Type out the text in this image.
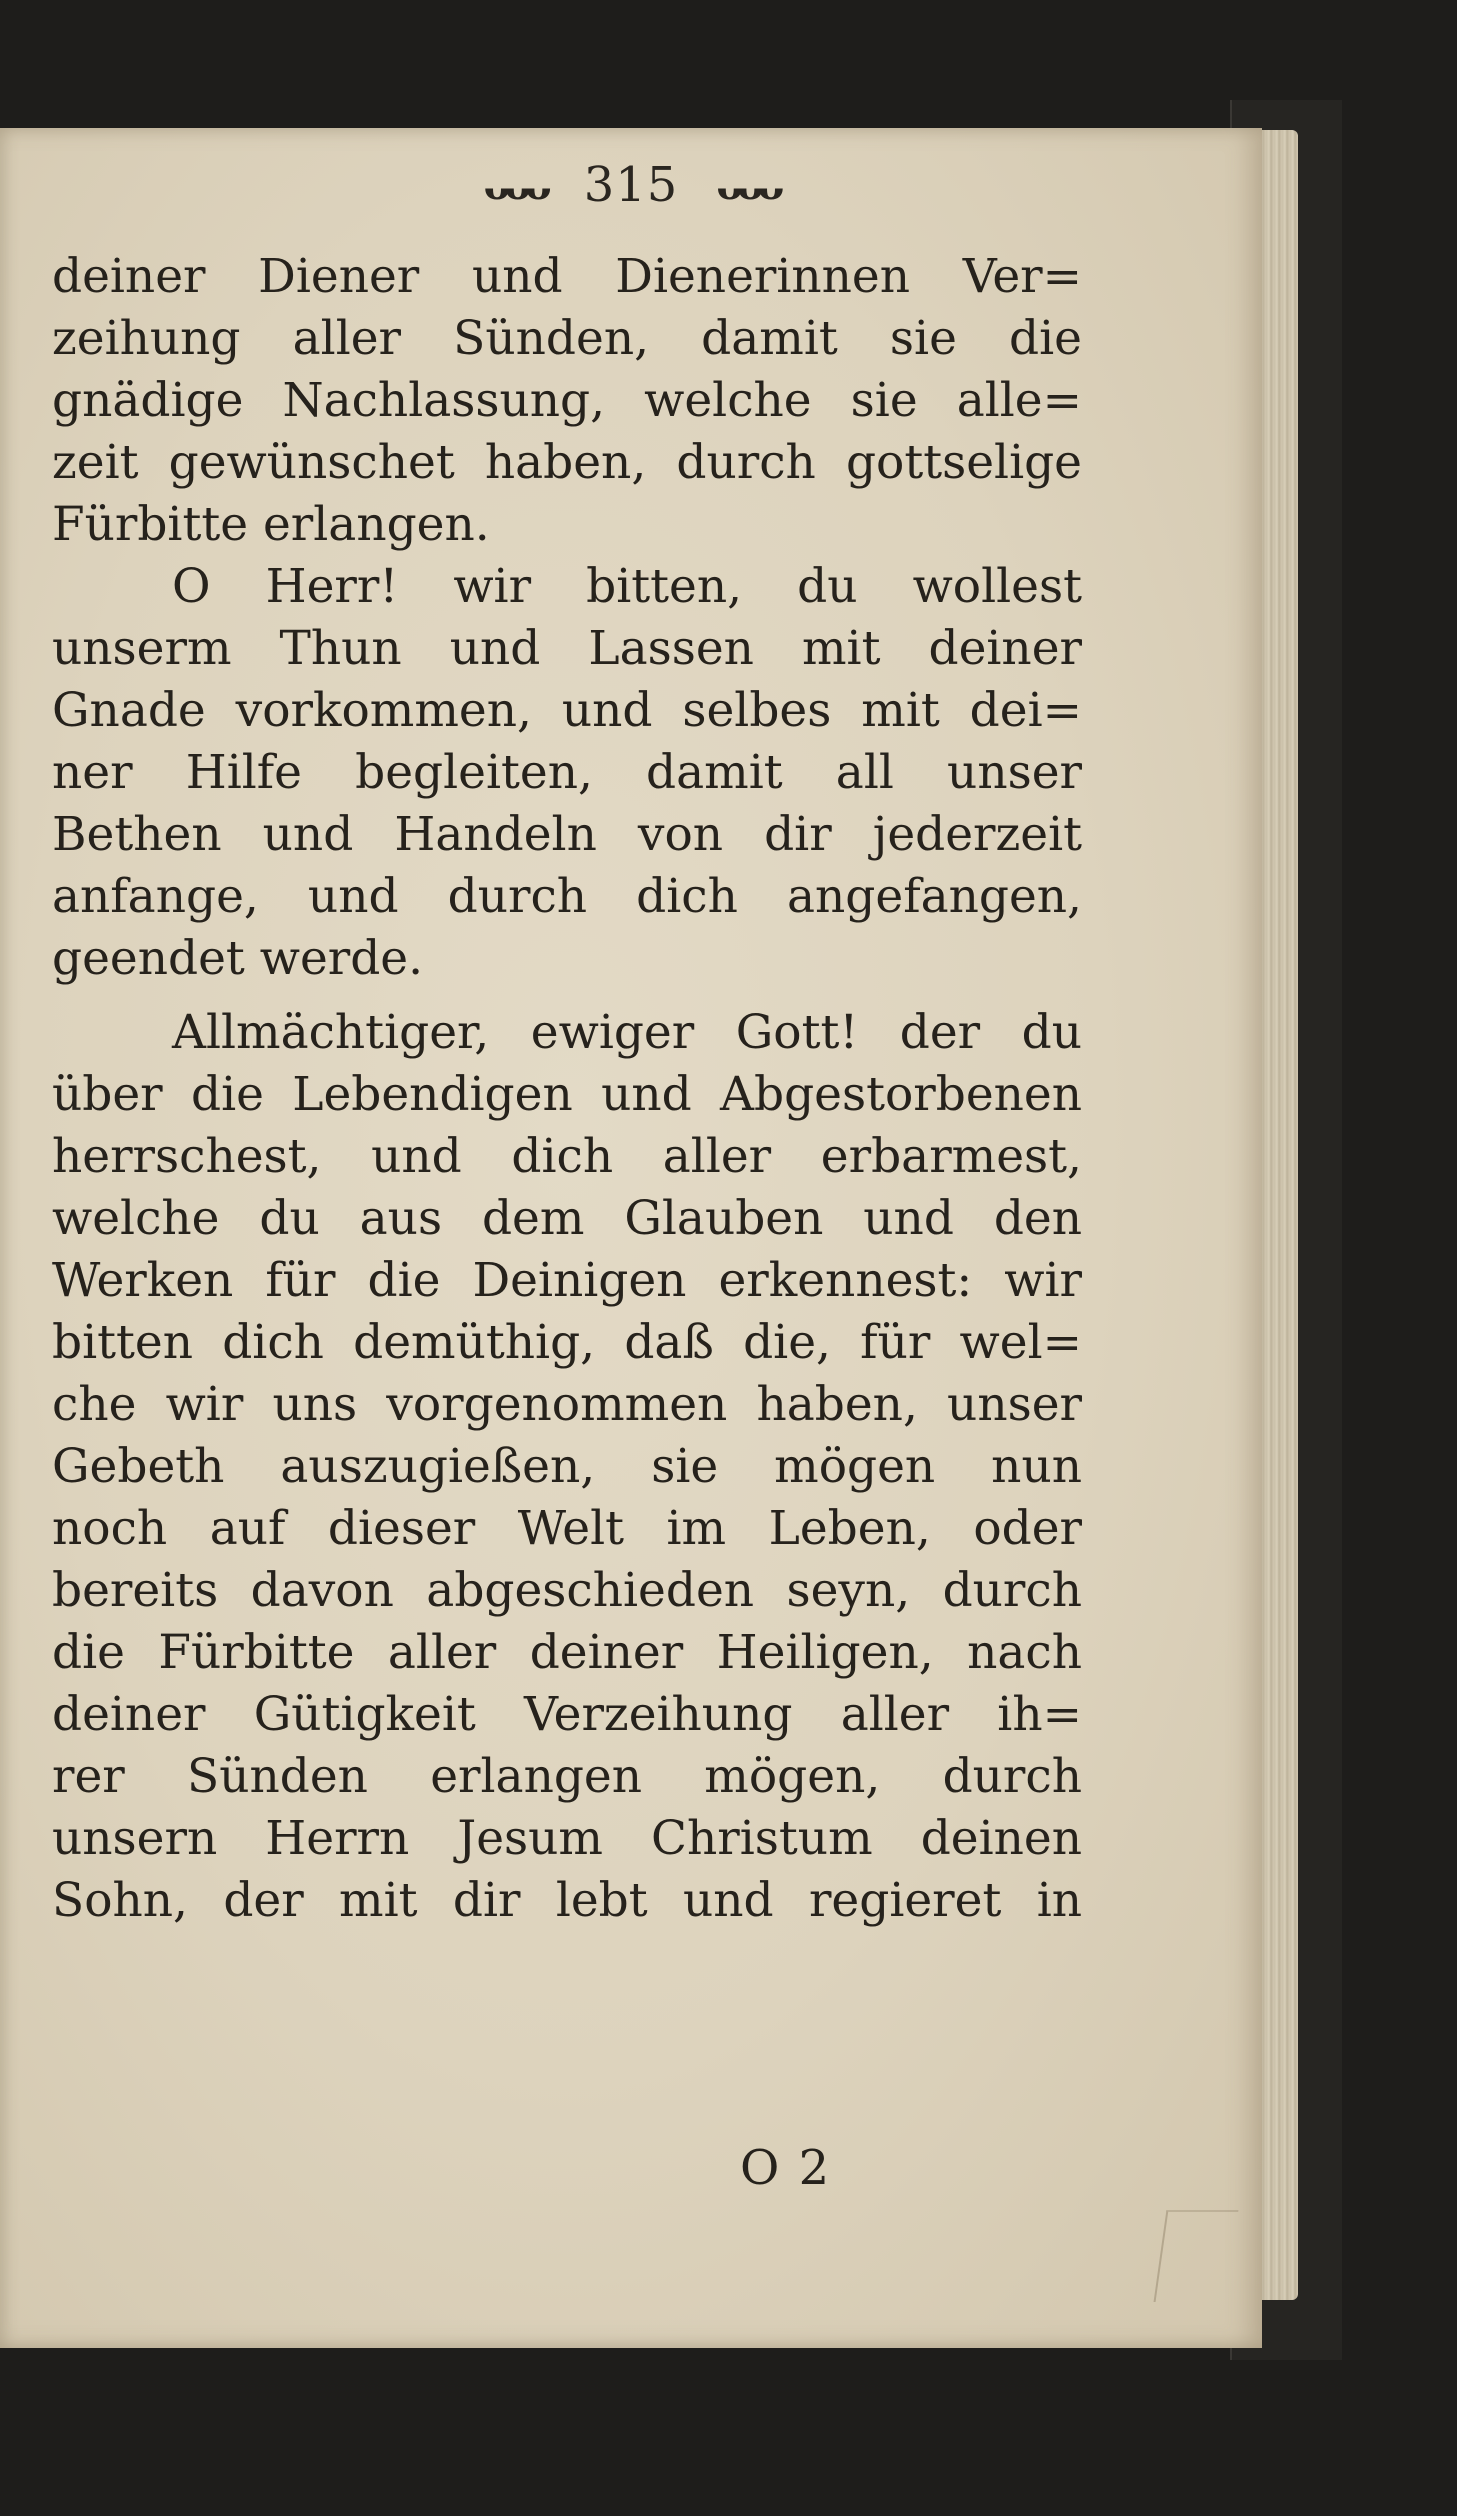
ᴗᴗᴗ 315 ᴗᴗᴗ
deiner Diener und Dienerinnen Ver=
zeihung aller Sünden, damit sie die
gnädige Nachlassung, welche sie alle=
zeit gewünschet haben, durch gottselige
Fürbitte erlangen.
O Herr! wir bitten, du wollest
unserm Thun und Lassen mit deiner
Gnade vorkommen, und selbes mit dei=
ner Hilfe begleiten, damit all unser
Bethen und Handeln von dir jederzeit
anfange, und durch dich angefangen,
geendet werde.
Allmächtiger, ewiger Gott! der du
über die Lebendigen und Abgestorbenen
herrschest, und dich aller erbarmest,
welche du aus dem Glauben und den
Werken für die Deinigen erkennest: wir
bitten dich demüthig, daß die, für wel=
che wir uns vorgenommen haben, unser
Gebeth auszugießen, sie mögen nun
noch auf dieser Welt im Leben, oder
bereits davon abgeschieden seyn, durch
die Fürbitte aller deiner Heiligen, nach
deiner Gütigkeit Verzeihung aller ih=
rer Sünden erlangen mögen, durch
unsern Herrn Jesum Christum deinen
Sohn, der mit dir lebt und regieret in
O 2
